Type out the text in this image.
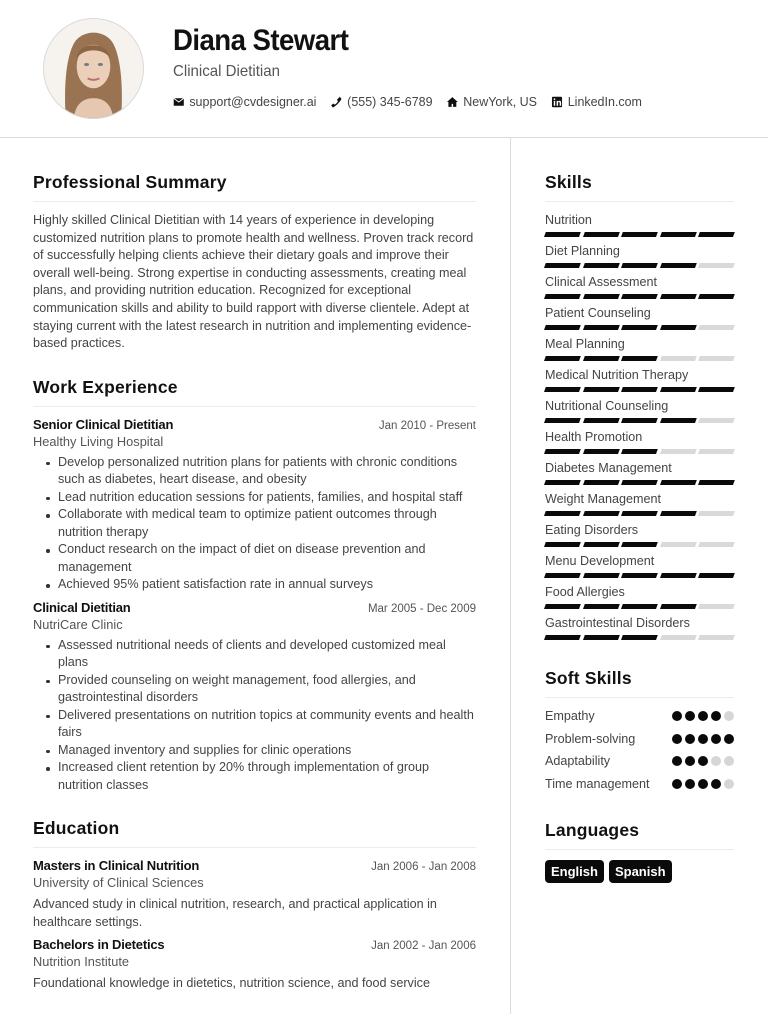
Diana Stewart
Clinical Dietitian
support@cvdesigner.ai (555) 345-6789 NewYork, US LinkedIn.com
Professional Summary

Highly skilled Clinical Dietitian with 14 years of experience in developing customized nutrition plans to promote health and wellness. Proven track record of successfully helping clients achieve their dietary goals and improve their overall well-being. Strong expertise in conducting assessments, creating meal plans, and providing nutrition education. Recognized for exceptional communication skills and ability to build rapport with diverse clientele. Adept at staying current with the latest research in nutrition and implementing evidence-based practices.

Work Experience
Senior Clinical Dietitian	Jan 2010 - Present
Healthy Living Hospital
Develop personalized nutrition plans for patients with chronic conditions such as diabetes, heart disease, and obesity
Lead nutrition education sessions for patients, families, and hospital staff
Collaborate with medical team to optimize patient outcomes through nutrition therapy
Conduct research on the impact of diet on disease prevention and management
Achieved 95% patient satisfaction rate in annual surveys
Clinical Dietitian	Mar 2005 - Dec 2009
NutriCare Clinic
Assessed nutritional needs of clients and developed customized meal plans
Provided counseling on weight management, food allergies, and gastrointestinal disorders
Delivered presentations on nutrition topics at community events and health fairs
Managed inventory and supplies for clinic operations
Increased client retention by 20% through implementation of group nutrition classes
Education
Masters in Clinical Nutrition	Jan 2006 - Jan 2008
University of Clinical Sciences

Advanced study in clinical nutrition, research, and practical application in healthcare settings.

Bachelors in Dietetics	Jan 2002 - Jan 2006
Nutrition Institute

Foundational knowledge in dietetics, nutrition science, and food service

Skills
Nutrition
Diet Planning
Clinical Assessment
Patient Counseling
Meal Planning
Medical Nutrition Therapy
Nutritional Counseling
Health Promotion
Diabetes Management
Weight Management
Eating Disorders
Menu Development
Food Allergies
Gastrointestinal Disorders
Soft Skills
Empathy
Problem-solving
Adaptability
Time management
Languages
English	Spanish
